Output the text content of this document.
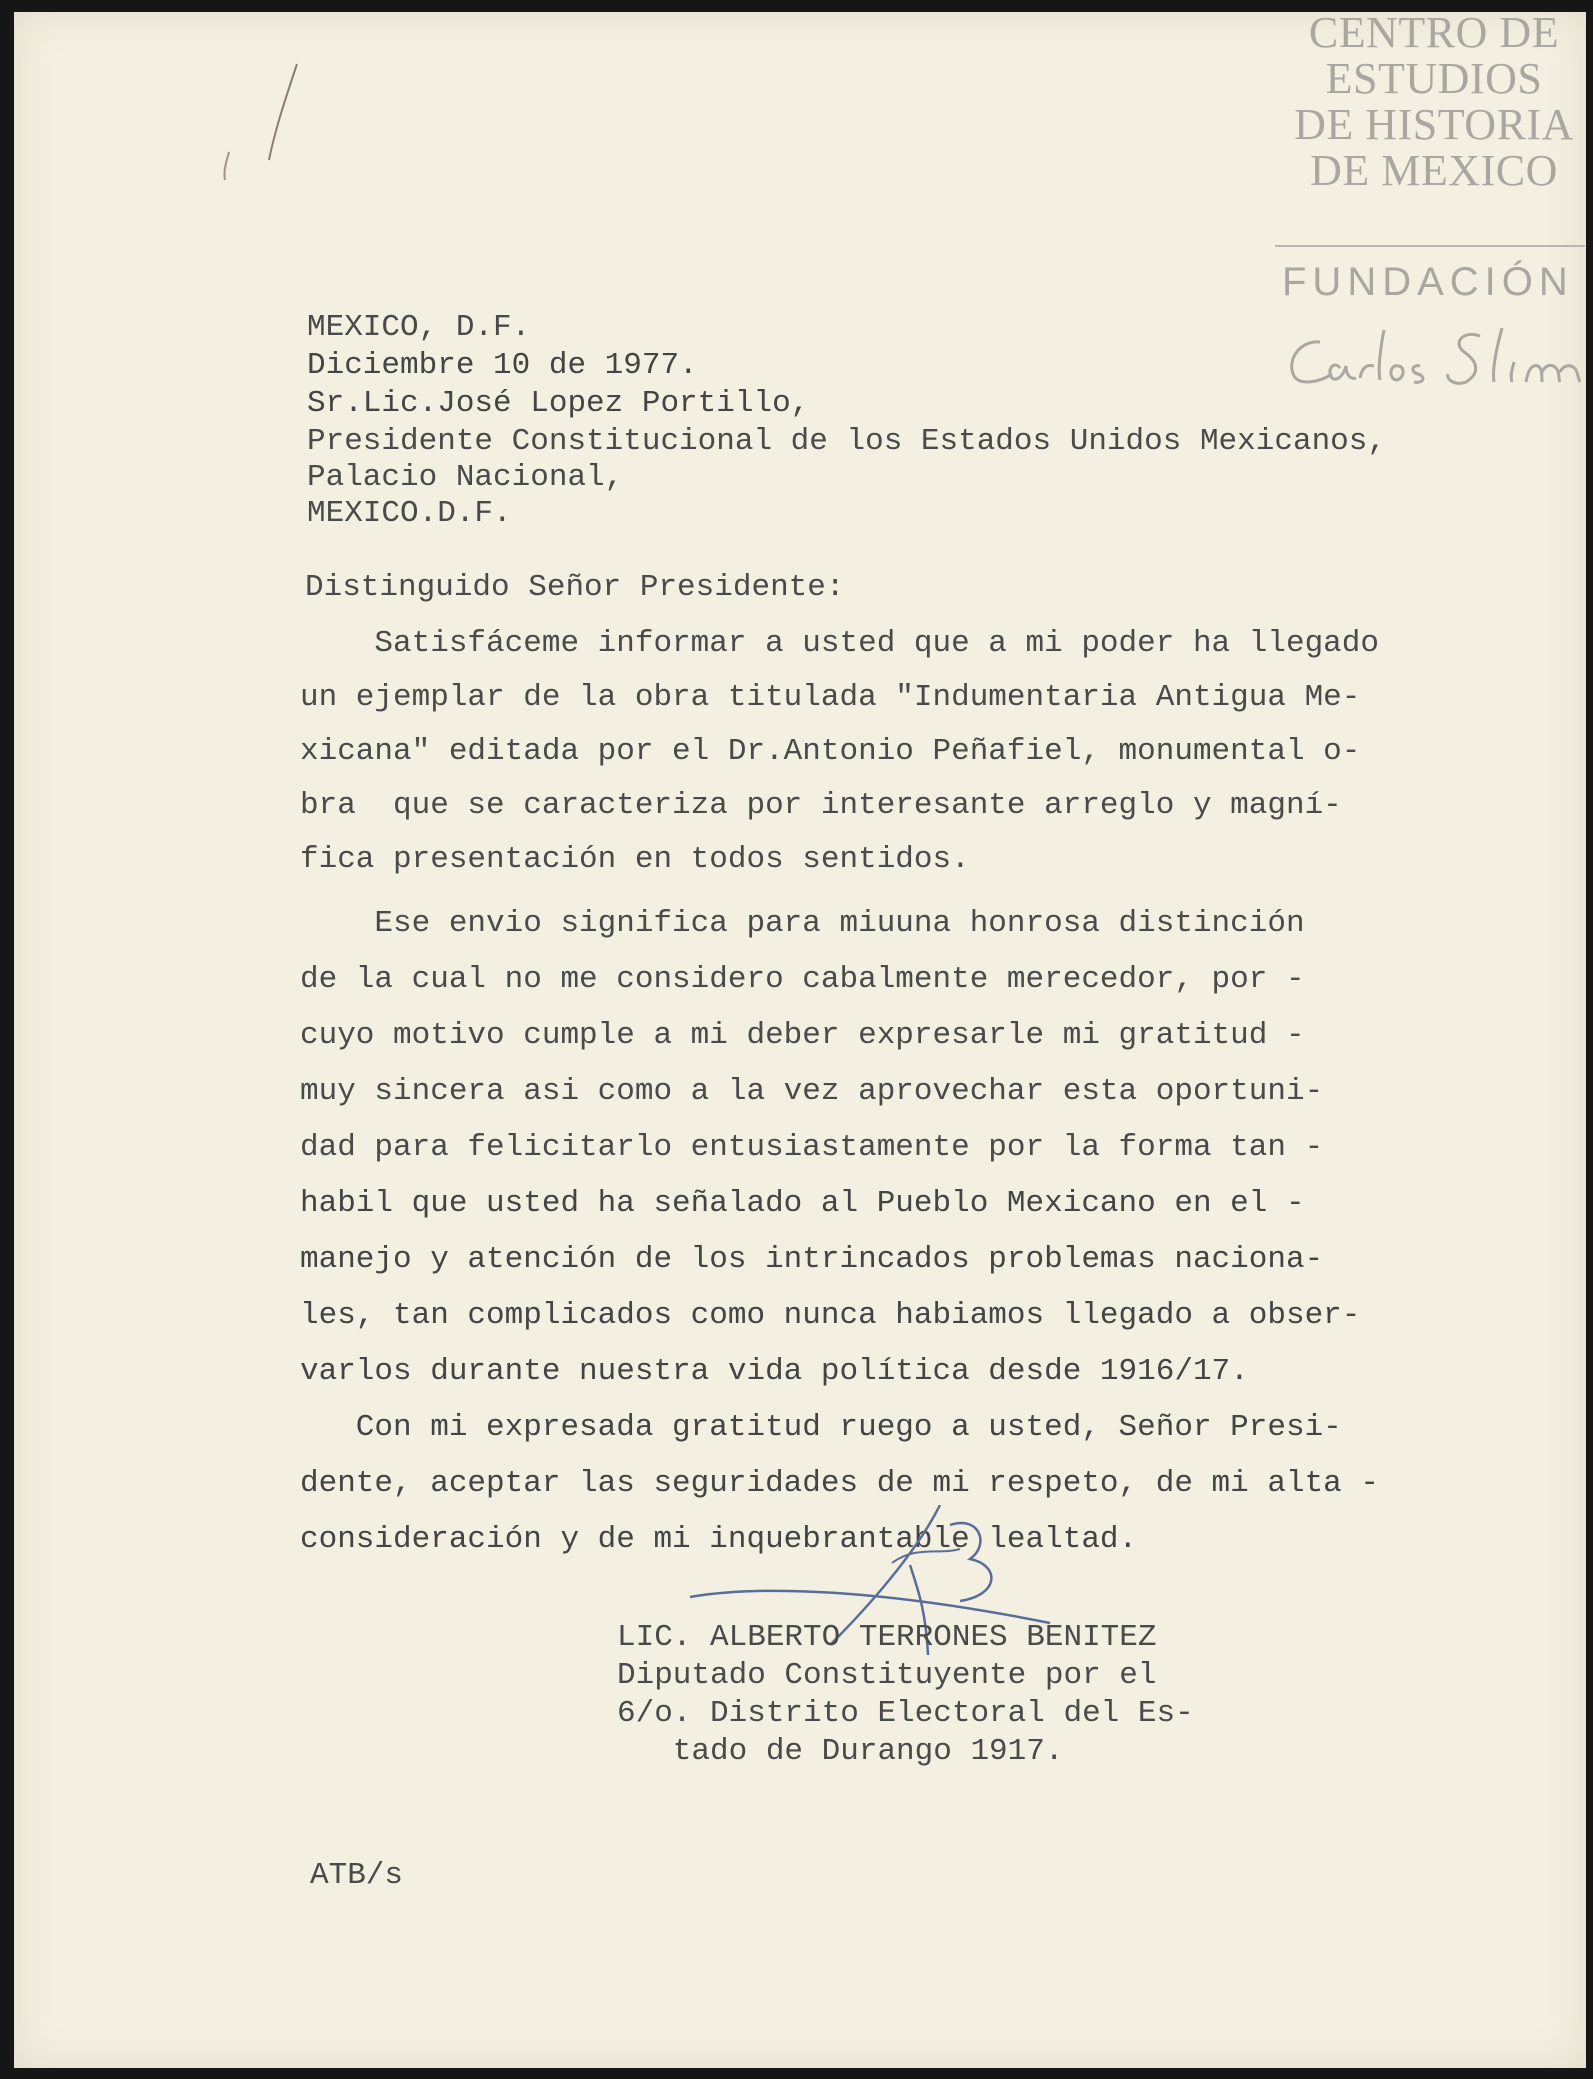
CENTRO DE
ESTUDIOS
DE HISTORIA
DE MEXICO
FUNDACIÓN
MEXICO, D.F.
Diciembre 10 de 1977.
Sr.Lic.José Lopez Portillo,
Presidente Constitucional de los Estados Unidos Mexicanos,
Palacio Nacional,
MEXICO.D.F.
Distinguido Señor Presidente:
Satisfáceme informar a usted que a mi poder ha llegado
un ejemplar de la obra titulada "Indumentaria Antigua Me-
xicana" editada por el Dr.Antonio Peñafiel, monumental o-
bra  que se caracteriza por interesante arreglo y magní-
fica presentación en todos sentidos.
Ese envio significa para miuuna honrosa distinción
de la cual no me considero cabalmente merecedor, por -
cuyo motivo cumple a mi deber expresarle mi gratitud -
muy sincera asi como a la vez aprovechar esta oportuni-
dad para felicitarlo entusiastamente por la forma tan -
habil que usted ha señalado al Pueblo Mexicano en el -
manejo y atención de los intrincados problemas naciona-
les, tan complicados como nunca habiamos llegado a obser-
varlos durante nuestra vida política desde 1916/17.
Con mi expresada gratitud ruego a usted, Señor Presi-
dente, aceptar las seguridades de mi respeto, de mi alta -
consideración y de mi inquebrantable lealtad.
LIC. ALBERTO TERRONES BENITEZ
Diputado Constituyente por el
6/o. Distrito Electoral del Es-
tado de Durango 1917.
ATB/s
